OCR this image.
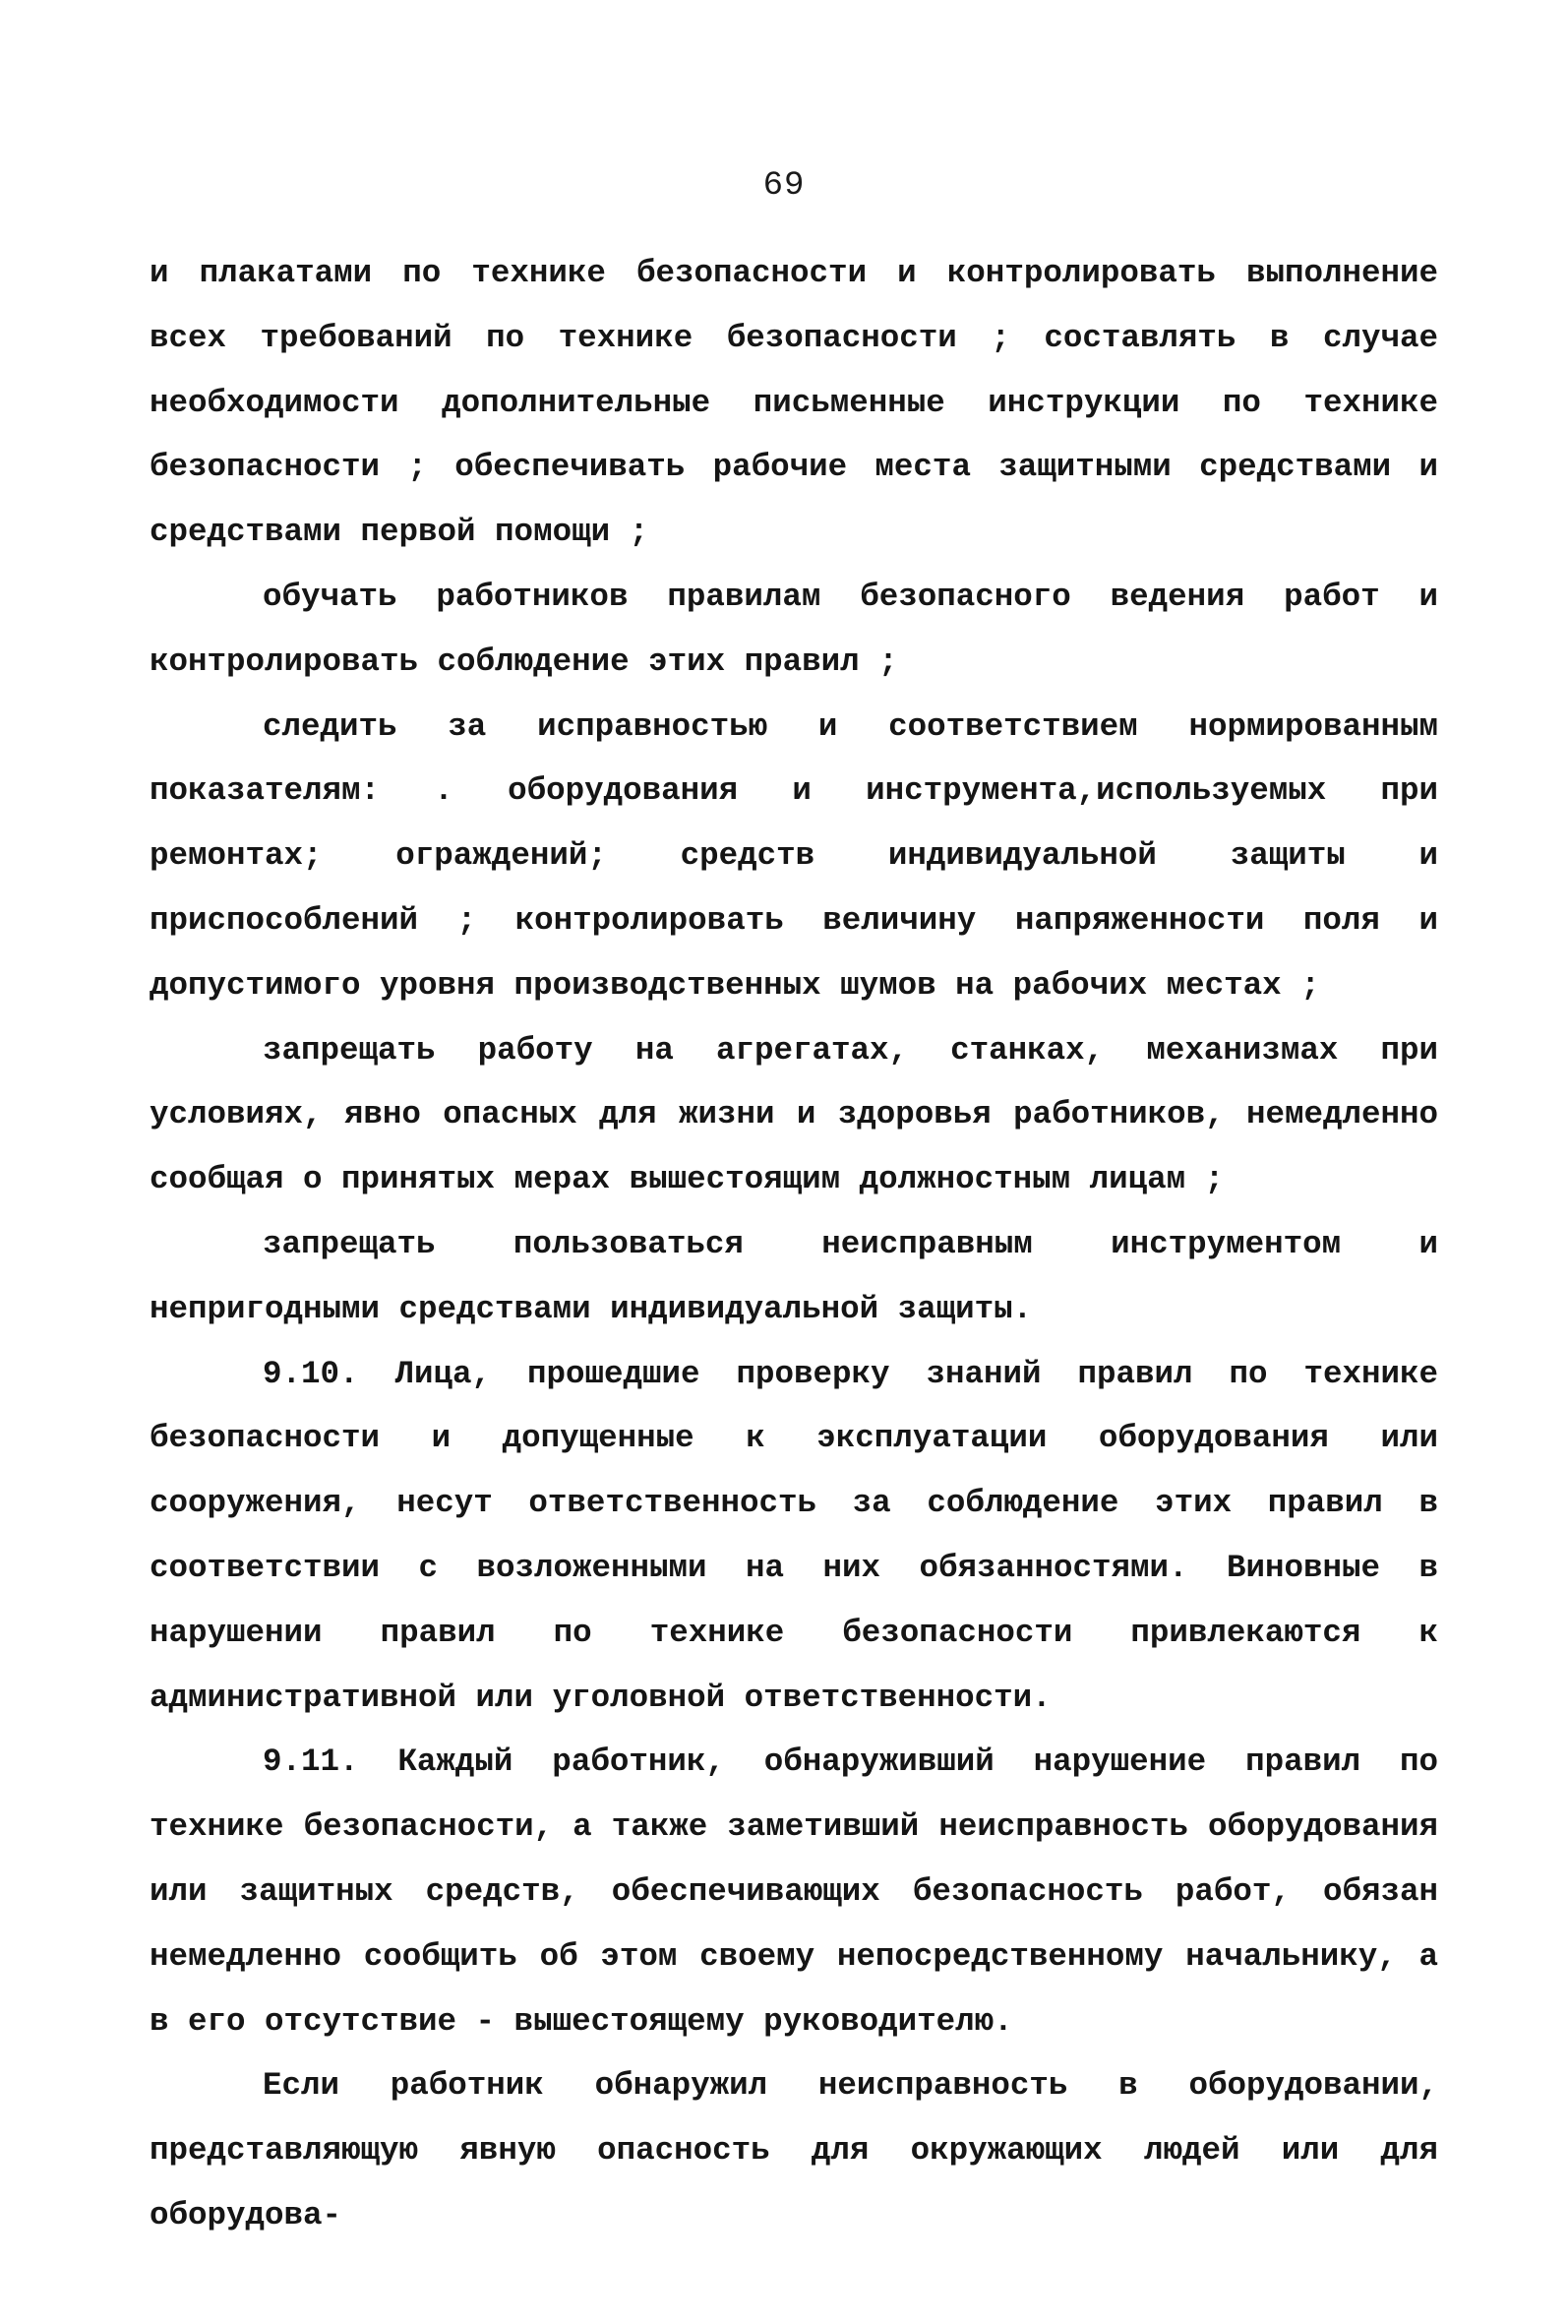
69

и плакатами по технике безопасности и контролировать выполнение всех требований по технике безопасности ; составлять в случае необходимости дополнительные письменные инструкции по технике безопасности ; обеспечивать рабочие места защитными средствами и средствами первой помощи ;

обучать работников правилам безопасного ведения работ и контролировать соблюдение этих правил ;

следить за исправностью и соответствием нормированным показателям: . оборудования и инструмента,используемых при ремонтах; ограждений; средств индивидуальной защиты и приспособлений ; контролировать величину напряженности поля и допустимого уровня производственных шумов на рабочих местах ;

запрещать работу на агрегатах, станках, механизмах при условиях, явно опасных для жизни и здоровья работников, немедленно сообщая о принятых мерах вышестоящим должностным лицам ;

запрещать пользоваться неисправным инструментом и непригодными средствами индивидуальной защиты.

9.10. Лица, прошедшие проверку знаний правил по технике безопасности и допущенные к эксплуатации оборудования или сооружения, несут ответственность за соблюдение этих правил в соответствии с возложенными на них обязанностями. Виновные в нарушении правил по технике безопасности привлекаются к административной или уголовной ответственности.

9.11. Каждый работник, обнаруживший нарушение правил по технике безопасности, а также заметивший неисправность оборудования или защитных средств, обеспечивающих безопасность работ, обязан немедленно сообщить об этом своему непосредственному начальнику, а в его отсутствие - вышестоящему руководителю.

Если работник обнаружил неисправность в оборудовании, представляющую явную опасность для окружающих людей или для оборудова-
